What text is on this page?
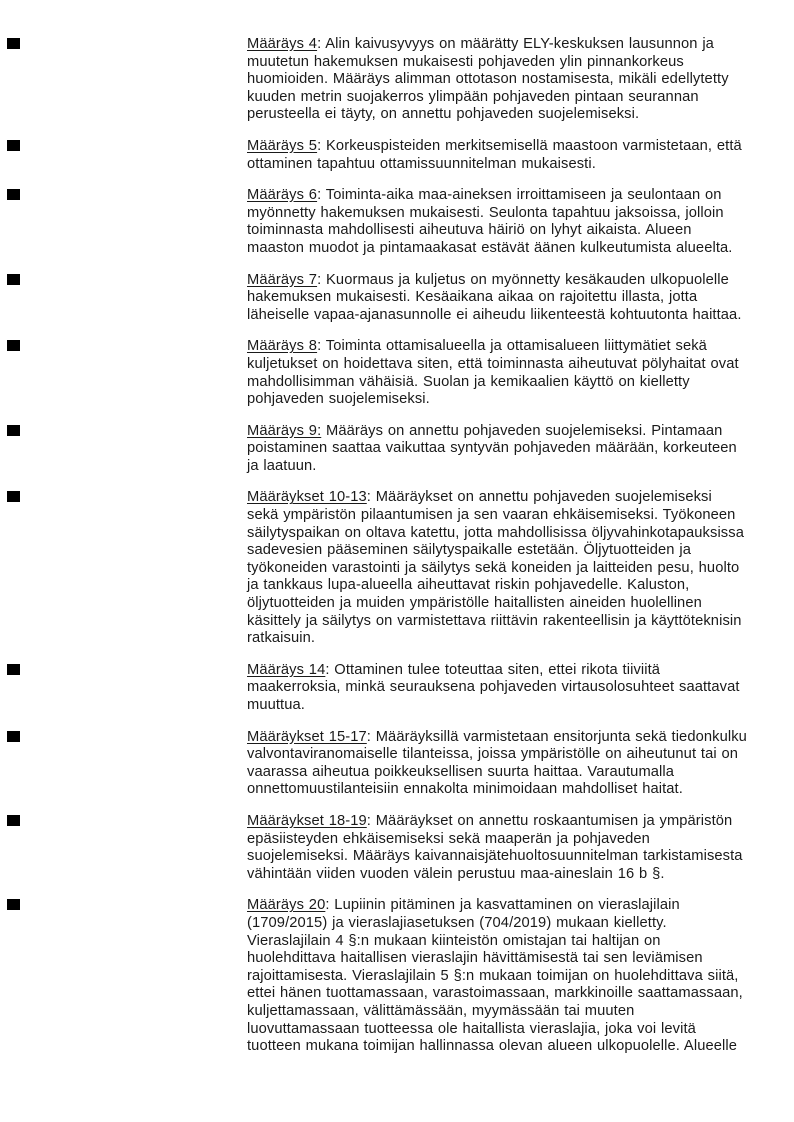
Määräys 4: Alin kaivusyvyys on määrätty ELY-keskuksen lausunnon ja muutetun hakemuksen mukaisesti pohjaveden ylin pinnankorkeus huomioiden. Määräys alimman ottotason nostamisesta, mikäli edellytetty kuuden metrin suojakerros ylimpään pohjaveden pintaan seurannan perusteella ei täyty, on annettu pohjaveden suojelemiseksi.
Määräys 5: Korkeuspisteiden merkitsemisellä maastoon varmistetaan, että ottaminen tapahtuu ottamissuunnitelman mukaisesti.
Määräys 6: Toiminta-aika maa-aineksen irroittamiseen ja seulontaan on myönnetty hakemuksen mukaisesti. Seulonta tapahtuu jaksoissa, jolloin toiminnasta mahdollisesti aiheutuva häiriö on lyhyt aikaista. Alueen maaston muodot ja pintamaakasat estävät äänen kulkeutumista alueelta.
Määräys 7: Kuormaus ja kuljetus on myönnetty kesäkauden ulkopuolelle hakemuksen mukaisesti. Kesäaikana aikaa on rajoitettu illasta, jotta läheiselle vapaa-ajanasunnolle ei aiheudu liikenteestä kohtuutonta haittaa.
Määräys 8: Toiminta ottamisalueella ja ottamisalueen liittymätiet sekä kuljetukset on hoidettava siten, että toiminnasta aiheutuvat pölyhaitat ovat mahdollisimman vähäisiä. Suolan ja kemikaalien käyttö on kielletty pohjaveden suojelemiseksi.
Määräys 9: Määräys on annettu pohjaveden suojelemiseksi. Pintamaan poistaminen saattaa vaikuttaa syntyvän pohjaveden määrään, korkeuteen ja laatuun.
Määräykset 10-13: Määräykset on annettu pohjaveden suojelemiseksi sekä ympäristön pilaantumisen ja sen vaaran ehkäisemiseksi. Työkoneen säilytyspaikan on oltava katettu, jotta mahdollisissa öljyvahinkotapauksissa sadevesien pääseminen säilytyspaikalle estetään. Öljytuotteiden ja työkoneiden varastointi ja säilytys sekä koneiden ja laitteiden pesu, huolto ja tankkaus lupa-alueella aiheuttavat riskin pohjavedelle. Kaluston, öljytuotteiden ja muiden ympäristölle haitallisten aineiden huolellinen käsittely ja säilytys on varmistettava riittävin rakenteellisin ja käyttöteknisin ratkaisuin.
Määräys 14: Ottaminen tulee toteuttaa siten, ettei rikota tiiviitä maakerroksia, minkä seurauksena pohjaveden virtausolosuhteet saattavat muuttua.
Määräykset 15-17: Määräyksillä varmistetaan ensitorjunta sekä tiedonkulku valvontaviranomaiselle tilanteissa, joissa ympäristölle on aiheutunut tai on vaarassa aiheutua poikkeuksellisen suurta haittaa. Varautumalla onnettomuustilanteisiin ennakolta minimoidaan mahdolliset haitat.
Määräykset 18-19: Määräykset on annettu roskaantumisen ja ympäristön epäsiisteyden ehkäisemiseksi sekä maaperän ja pohjaveden suojelemiseksi. Määräys kaivannaisjätehuoltosuunnitelman tarkistamisesta vähintään viiden vuoden välein perustuu maa-aineslain 16 b §.
Määräys 20: Lupiinin pitäminen ja kasvattaminen on vieraslajilain (1709/2015) ja vieraslajiasetuksen (704/2019) mukaan kielletty. Vieraslajilain 4 §:n mukaan kiinteistön omistajan tai haltijan on huolehdittava haitallisen vieraslajin hävittämisestä tai sen leviämisen rajoittamisesta. Vieraslajilain 5 §:n mukaan toimijan on huolehdittava siitä, ettei hänen tuottamassaan, varastoimassaan, markkinoille saattamassaan, kuljettamassaan, välittämässään, myymässään tai muuten luovuttamassaan tuotteessa ole haitallista vieraslajia, joka voi levitä tuotteen mukana toimijan hallinnassa olevan alueen ulkopuolelle. Alueelle
